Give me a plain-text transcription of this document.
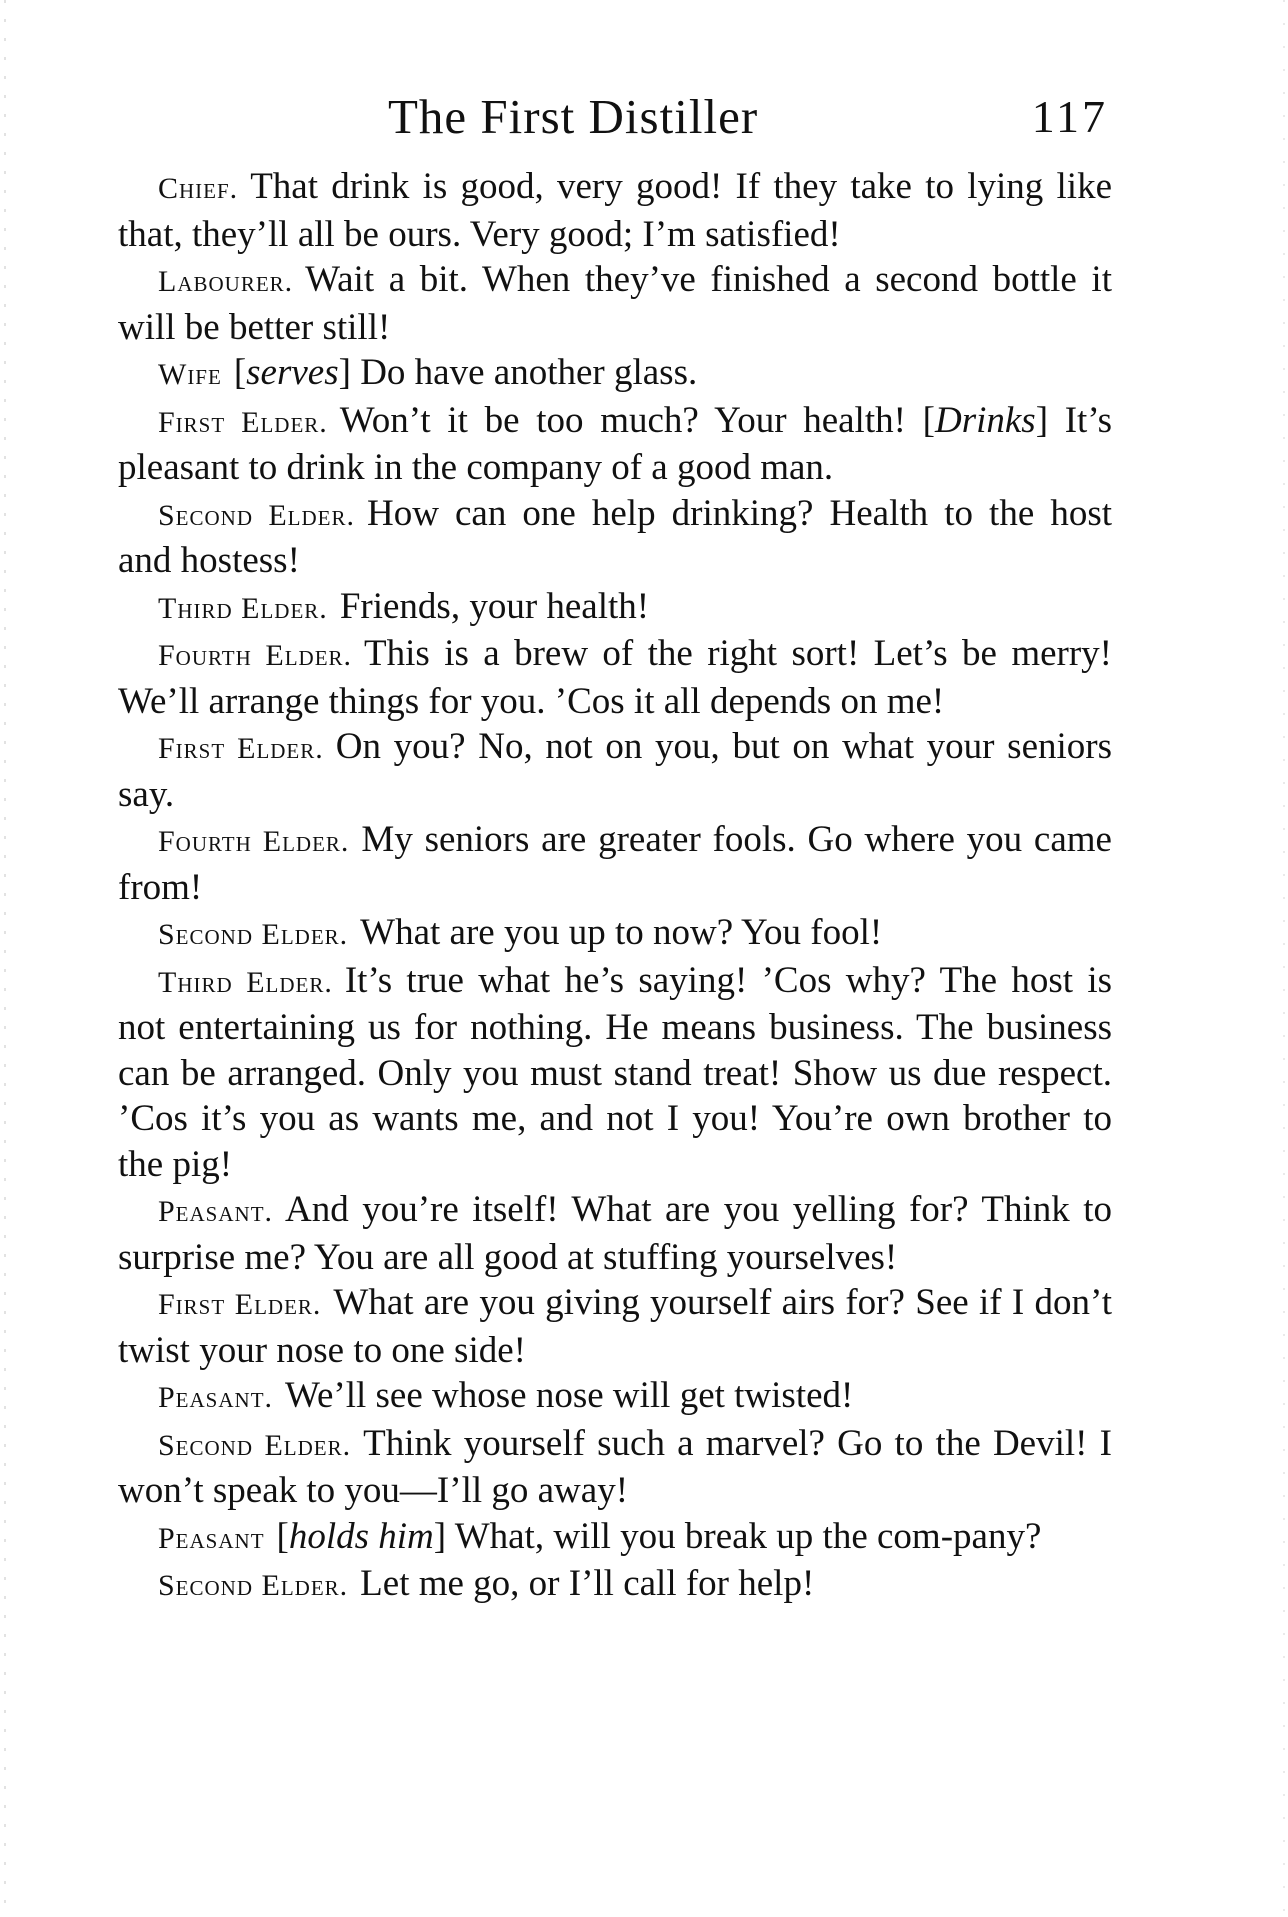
The First Distiller	117

Chief. That drink is good, very good! If they take to lying like that, they’ll all be ours. Very good; I’m satisfied!

Labourer. Wait a bit. When they’ve finished a second bottle it will be better still!

Wife [serves] Do have another glass.

First Elder. Won’t it be too much? Your health! [Drinks] It’s pleasant to drink in the company of a good man.

Second Elder. How can one help drinking? Health to the host and hostess!

Third Elder. Friends, your health!

Fourth Elder. This is a brew of the right sort! Let’s be merry! We’ll arrange things for you. ’Cos it all depends on me!

First Elder. On you? No, not on you, but on what your seniors say.

Fourth Elder. My seniors are greater fools. Go where you came from!

Second Elder. What are you up to now? You fool!

Third Elder. It’s true what he’s saying! ’Cos why? The host is not entertaining us for nothing. He means business. The business can be arranged. Only you must stand treat! Show us due respect. ’Cos it’s you as wants me, and not I you! You’re own brother to the pig!

Peasant. And you’re itself! What are you yelling for? Think to surprise me? You are all good at stuffing yourselves!

First Elder. What are you giving yourself airs for? See if I don’t twist your nose to one side!

Peasant. We’ll see whose nose will get twisted!

Second Elder. Think yourself such a marvel? Go to the Devil! I won’t speak to you—I’ll go away!

Peasant [holds him] What, will you break up the com-pany?

Second Elder. Let me go, or I’ll call for help!
